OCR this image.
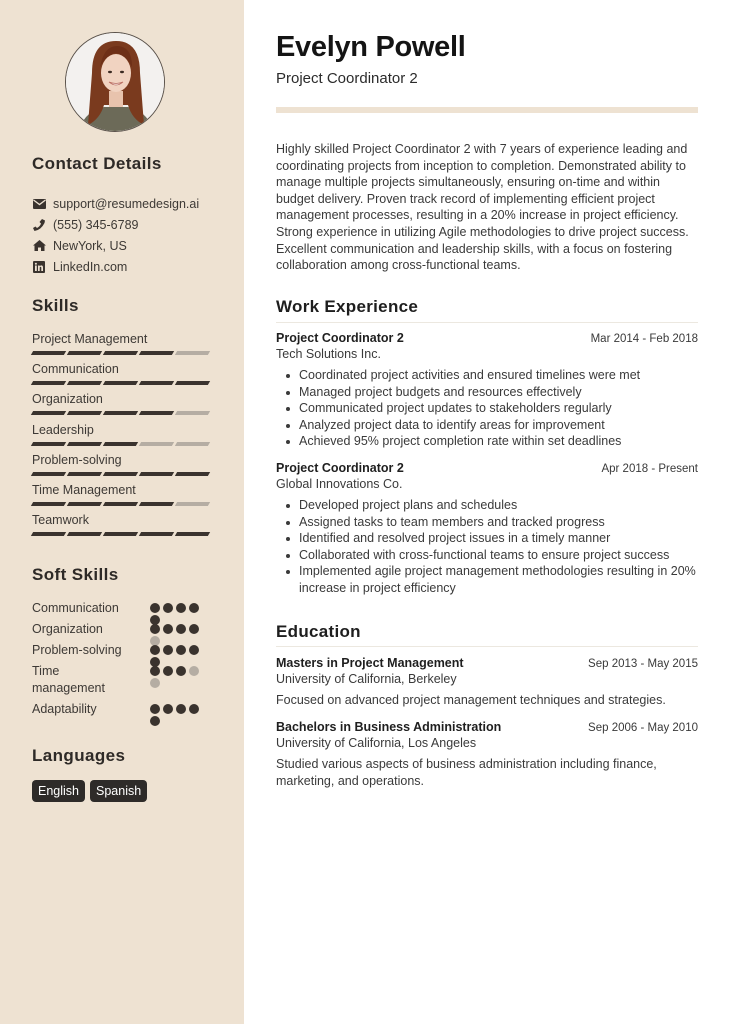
Contact Details
support@resumedesign.ai
(555) 345-6789
NewYork, US
LinkedIn.com
Skills
Project Management
Communication
Organization
Leadership
Problem-solving
Time Management
Teamwork
Soft Skills
Communication
Organization
Problem-solving
Time management
Adaptability
Languages
English	Spanish
Evelyn Powell
Project Coordinator 2

Highly skilled Project Coordinator 2 with 7 years of experience leading and coordinating projects from inception to completion. Demonstrated ability to manage multiple projects simultaneously, ensuring on-time and within budget delivery. Proven track record of implementing efficient project management processes, resulting in a 20% increase in project efficiency. Strong experience in utilizing Agile methodologies to drive project success. Excellent communication and leadership skills, with a focus on fostering collaboration among cross-functional teams.

Work Experience
Project Coordinator 2	Mar 2014 - Feb 2018
Tech Solutions Inc.
Coordinated project activities and ensured timelines were met
Managed project budgets and resources effectively
Communicated project updates to stakeholders regularly
Analyzed project data to identify areas for improvement
Achieved 95% project completion rate within set deadlines
Project Coordinator 2	Apr 2018 - Present
Global Innovations Co.
Developed project plans and schedules
Assigned tasks to team members and tracked progress
Identified and resolved project issues in a timely manner
Collaborated with cross-functional teams to ensure project success
Implemented agile project management methodologies resulting in 20% increase in project efficiency
Education
Masters in Project Management	Sep 2013 - May 2015
University of California, Berkeley
Focused on advanced project management techniques and strategies.
Bachelors in Business Administration	Sep 2006 - May 2010
University of California, Los Angeles
Studied various aspects of business administration including finance, marketing, and operations.
